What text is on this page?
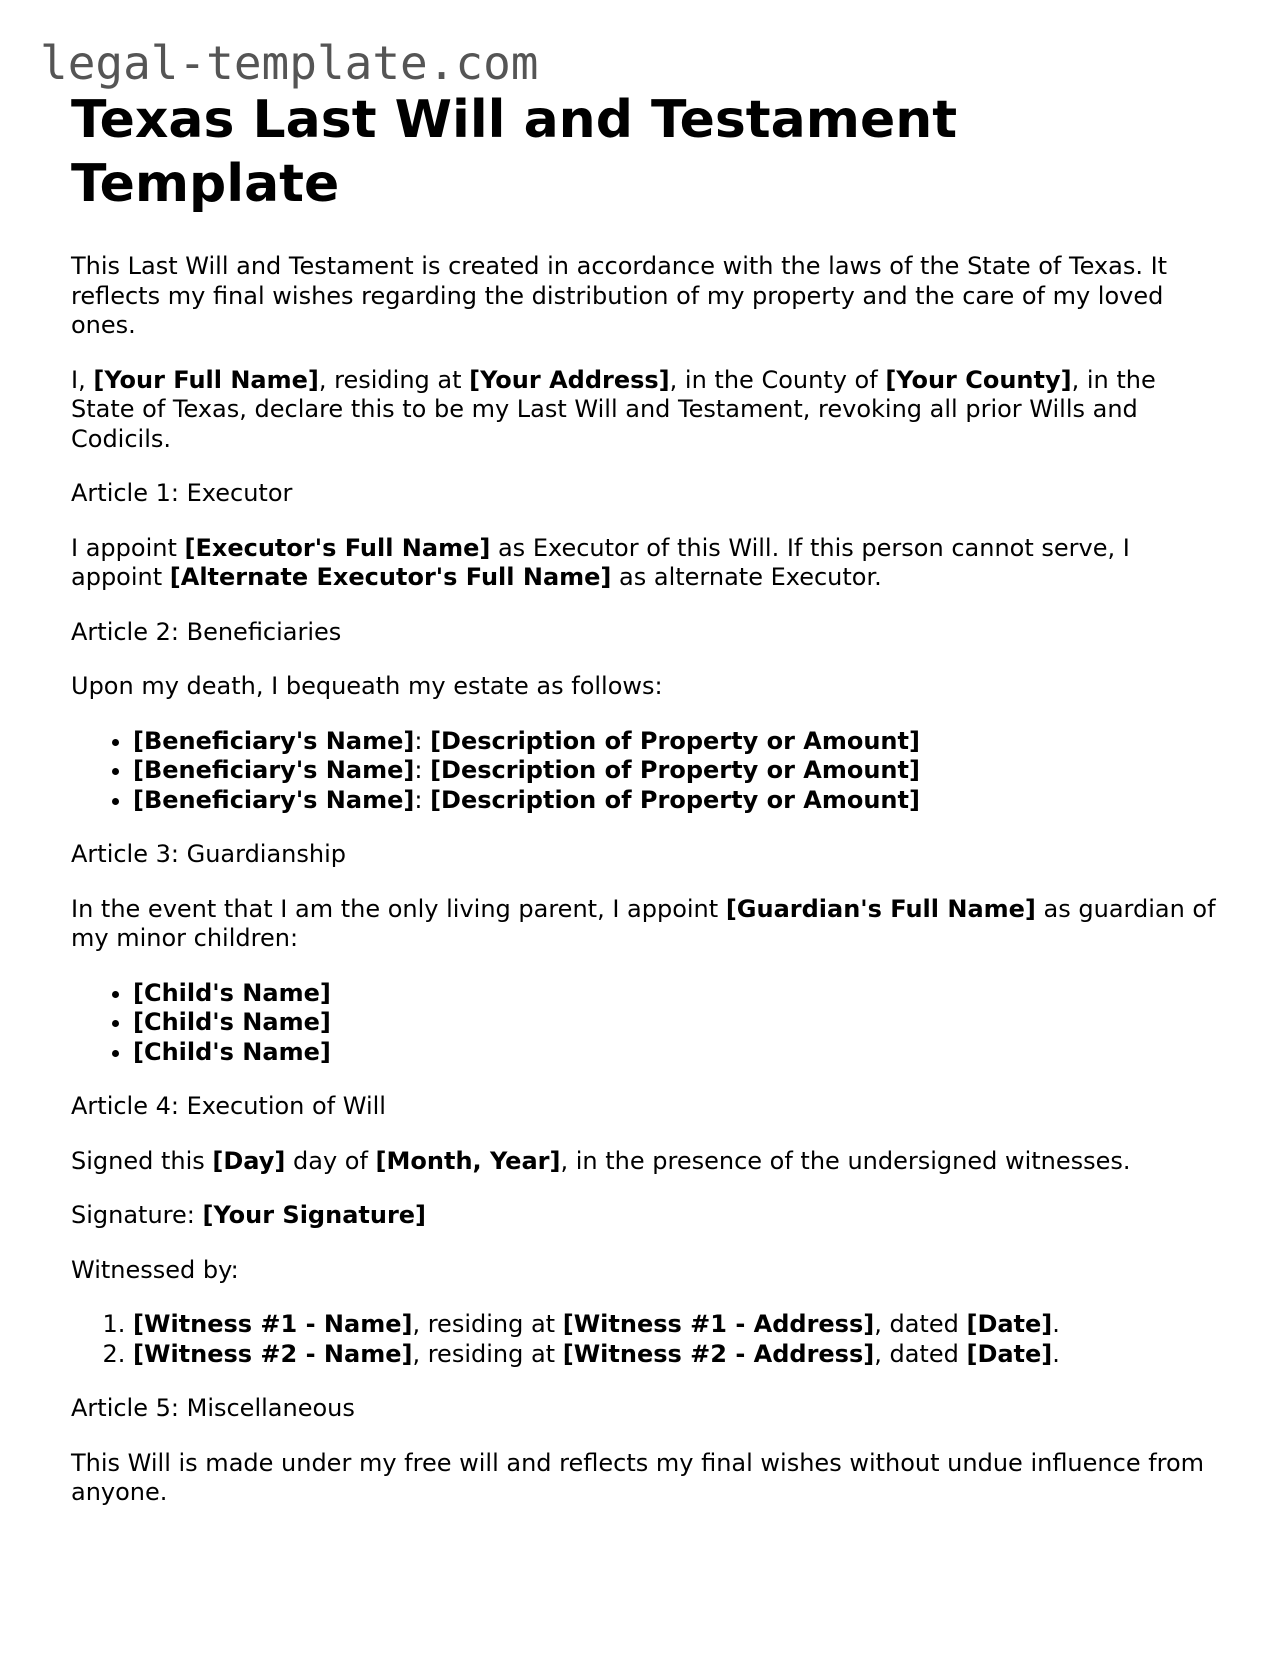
legal-template.com
Texas Last Will and Testament Template

This Last Will and Testament is created in accordance with the laws of the State of Texas. It reflects my final wishes regarding the distribution of my property and the care of my loved ones.

I, [Your Full Name], residing at [Your Address], in the County of [Your County], in the State of Texas, declare this to be my Last Will and Testament, revoking all prior Wills and Codicils.

Article 1: Executor

I appoint [Executor's Full Name] as Executor of this Will. If this person cannot serve, I appoint [Alternate Executor's Full Name] as alternate Executor.

Article 2: Beneficiaries

Upon my death, I bequeath my estate as follows:

• [Beneficiary's Name]: [Description of Property or Amount]
• [Beneficiary's Name]: [Description of Property or Amount]
• [Beneficiary's Name]: [Description of Property or Amount]

Article 3: Guardianship

In the event that I am the only living parent, I appoint [Guardian's Full Name] as guardian of my minor children:

• [Child's Name]
• [Child's Name]
• [Child's Name]

Article 4: Execution of Will

Signed this [Day] day of [Month, Year], in the presence of the undersigned witnesses.

Signature: [Your Signature]

Witnessed by:

1. [Witness #1 - Name], residing at [Witness #1 - Address], dated [Date].
2. [Witness #2 - Name], residing at [Witness #2 - Address], dated [Date].

Article 5: Miscellaneous

This Will is made under my free will and reflects my final wishes without undue influence from anyone.
